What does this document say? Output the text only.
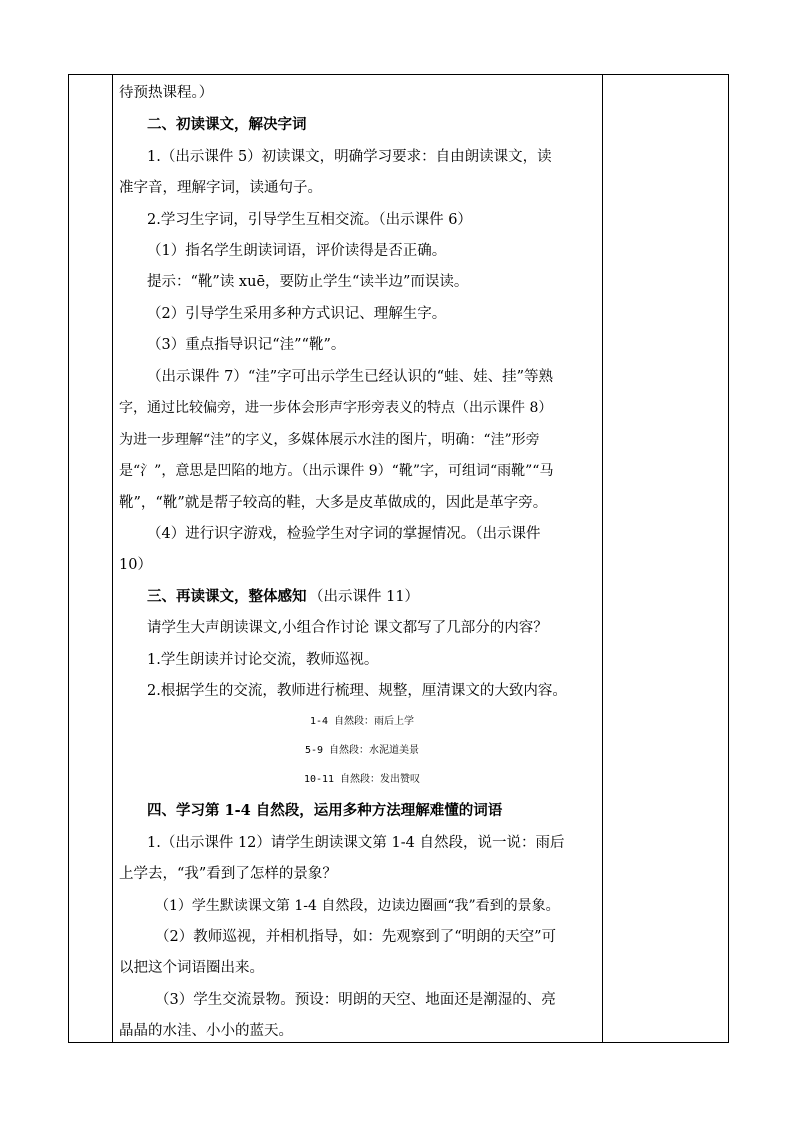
待预热课程。）
二、初读课文，解决字词
1.（出示课件 5）初读课文，明确学习要求：自由朗读课文，读
准字音，理解字词，读通句子。
2.学习生字词，引导学生互相交流。（出示课件 6）
（1）指名学生朗读词语，评价读得是否正确。
提示：“靴”读 xuē，要防止学生“读半边”而误读。
（2）引导学生采用多种方式识记、理解生字。
（3）重点指导识记“洼”“靴”。
（出示课件 7）“洼”字可出示学生已经认识的“蛙、娃、挂”等熟
字，通过比较偏旁，进一步体会形声字形旁表义的特点（出示课件 8）
为进一步理解“洼”的字义，多媒体展示水洼的图片，明确：“洼”形旁
是“氵”，意思是凹陷的地方。（出示课件 9）“靴”字，可组词“雨靴”“马
靴”，“靴”就是帮子较高的鞋，大多是皮革做成的，因此是革字旁。
（4）进行识字游戏，检验学生对字词的掌握情况。（出示课件
10）
三、再读课文，整体感知 （出示课件 11）
请学生大声朗读课文,小组合作讨论 课文都写了几部分的内容？
1.学生朗读并讨论交流，教师巡视。
2.根据学生的交流，教师进行梳理、规整，厘清课文的大致内容。
1-4 自然段：雨后上学
5-9 自然段：水泥道美景
10-11 自然段：发出赞叹
四、学习第 1-4 自然段，运用多种方法理解难懂的词语
1.（出示课件 12）请学生朗读课文第 1-4 自然段，说一说：雨后
上学去，“我”看到了怎样的景象？
（1）学生默读课文第 1-4 自然段，边读边圈画“我”看到的景象。
（2）教师巡视，并相机指导，如：先观察到了“明朗的天空”可
以把这个词语圈出来。
（3）学生交流景物。预设：明朗的天空、地面还是潮湿的、亮
晶晶的水洼、小小的蓝天。
